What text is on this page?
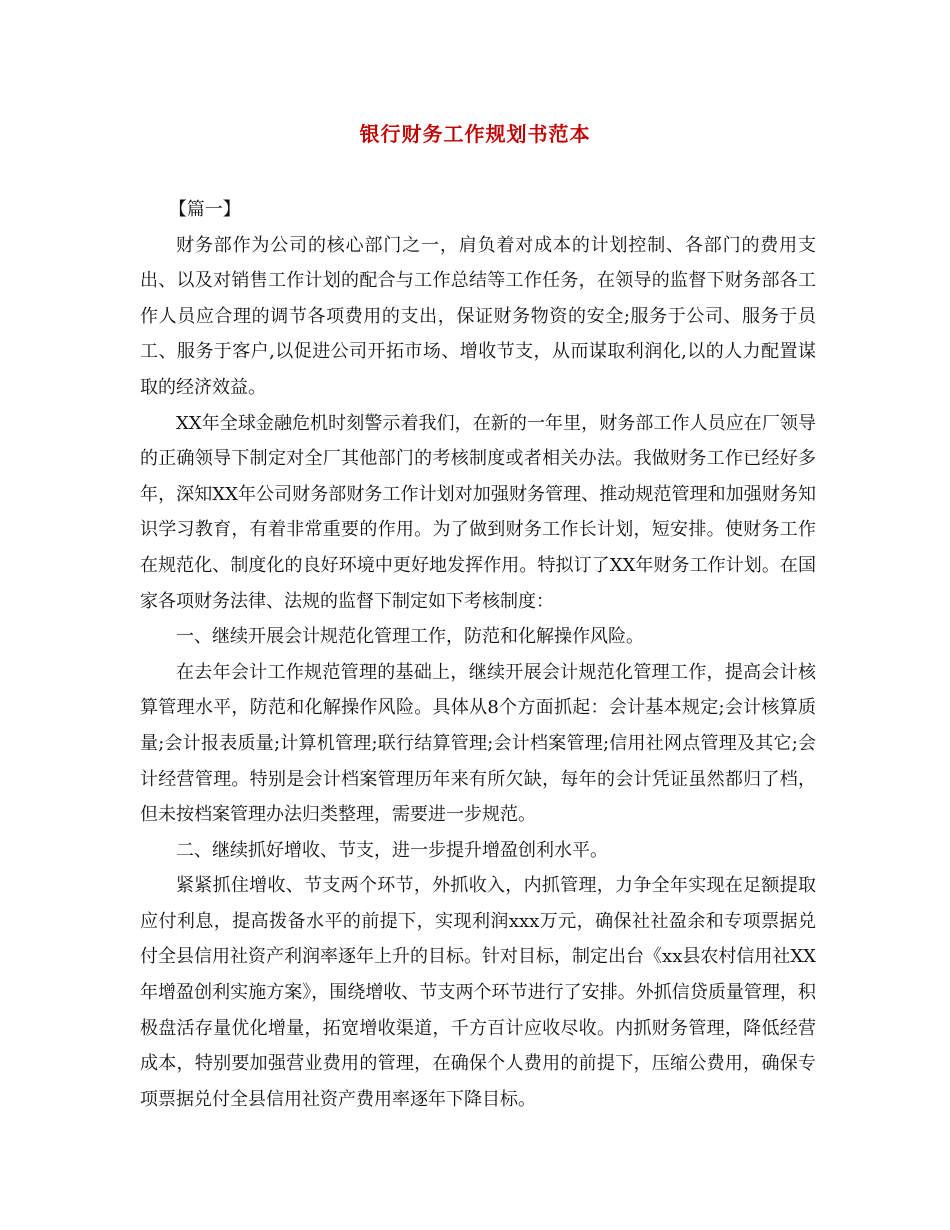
银行财务工作规划书范本

【篇一】

财务部作为公司的核心部门之一，肩负着对成本的计划控制、各部门的费用支出、以及对销售工作计划的配合与工作总结等工作任务，在领导的监督下财务部各工作人员应合理的调节各项费用的支出，保证财务物资的安全;服务于公司、服务于员工、服务于客户,以促进公司开拓市场、增收节支，从而谋取利润化,以的人力配置谋取的经济效益。

XX年全球金融危机时刻警示着我们，在新的一年里，财务部工作人员应在厂领导的正确领导下制定对全厂其他部门的考核制度或者相关办法。我做财务工作已经好多年，深知XX年公司财务部财务工作计划对加强财务管理、推动规范管理和加强财务知识学习教育，有着非常重要的作用。为了做到财务工作长计划，短安排。使财务工作在规范化、制度化的良好环境中更好地发挥作用。特拟订了XX年财务工作计划。在国家各项财务法律、法规的监督下制定如下考核制度：

一、继续开展会计规范化管理工作，防范和化解操作风险。

在去年会计工作规范管理的基础上，继续开展会计规范化管理工作，提高会计核算管理水平，防范和化解操作风险。具体从8个方面抓起：会计基本规定;会计核算质量;会计报表质量;计算机管理;联行结算管理;会计档案管理;信用社网点管理及其它;会计经营管理。特别是会计档案管理历年来有所欠缺，每年的会计凭证虽然都归了档，但未按档案管理办法归类整理，需要进一步规范。

二、继续抓好增收、节支，进一步提升增盈创利水平。

紧紧抓住增收、节支两个环节，外抓收入，内抓管理，力争全年实现在足额提取应付利息，提高拨备水平的前提下，实现利润xxx万元，确保社社盈余和专项票据兑付全县信用社资产利润率逐年上升的目标。针对目标，制定出台《xx县农村信用社XX年增盈创利实施方案》，围绕增收、节支两个环节进行了安排。外抓信贷质量管理，积极盘活存量优化增量，拓宽增收渠道，千方百计应收尽收。内抓财务管理，降低经营成本，特别要加强营业费用的管理，在确保个人费用的前提下，压缩公费用，确保专项票据兑付全县信用社资产费用率逐年下降目标。
